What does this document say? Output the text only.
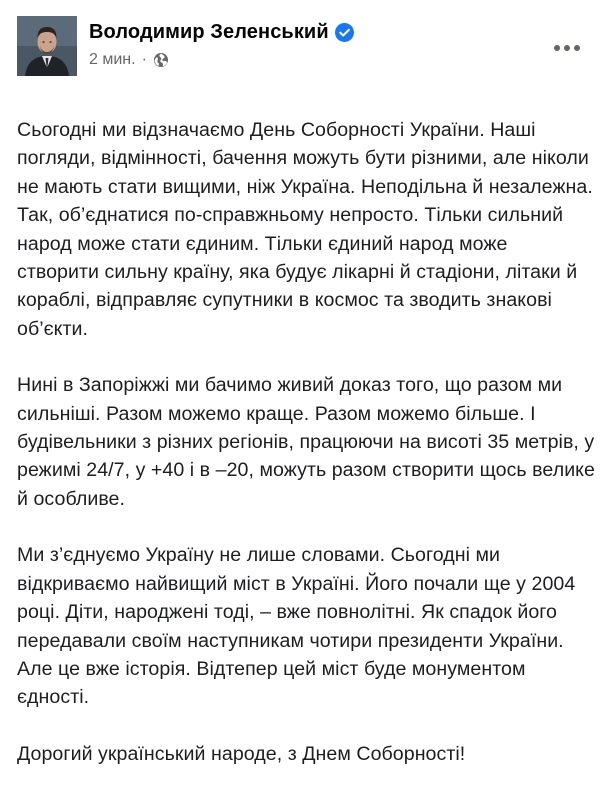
Володимир Зеленський
2 мин. ·

Сьогодні ми відзначаємо День Соборності України. Наші
погляди, відмінності, бачення можуть бути різними, але ніколи
не мають стати вищими, ніж Україна. Неподільна й незалежна.
Так, об’єднатися по-справжньому непросто. Тільки сильний
народ може стати єдиним. Тільки єдиний народ може
створити сильну країну, яка будує лікарні й стадіони, літаки й
кораблі, відправляє супутники в космос та зводить знакові
об’єкти.

Нині в Запоріжжі ми бачимо живий доказ того, що разом ми
сильніші. Разом можемо краще. Разом можемо більше. І
будівельники з різних регіонів, працюючи на висоті 35 метрів, у
режимі 24/7, у +40 і в –20, можуть разом створити щось велике
й особливе.

Ми з’єднуємо Україну не лише словами. Сьогодні ми
відкриваємо найвищий міст в Україні. Його почали ще у 2004
році. Діти, народжені тоді, – вже повнолітні. Як спадок його
передавали своїм наступникам чотири президенти України.
Але це вже історія. Відтепер цей міст буде монументом
єдності.

Дорогий український народе, з Днем Соборності!
